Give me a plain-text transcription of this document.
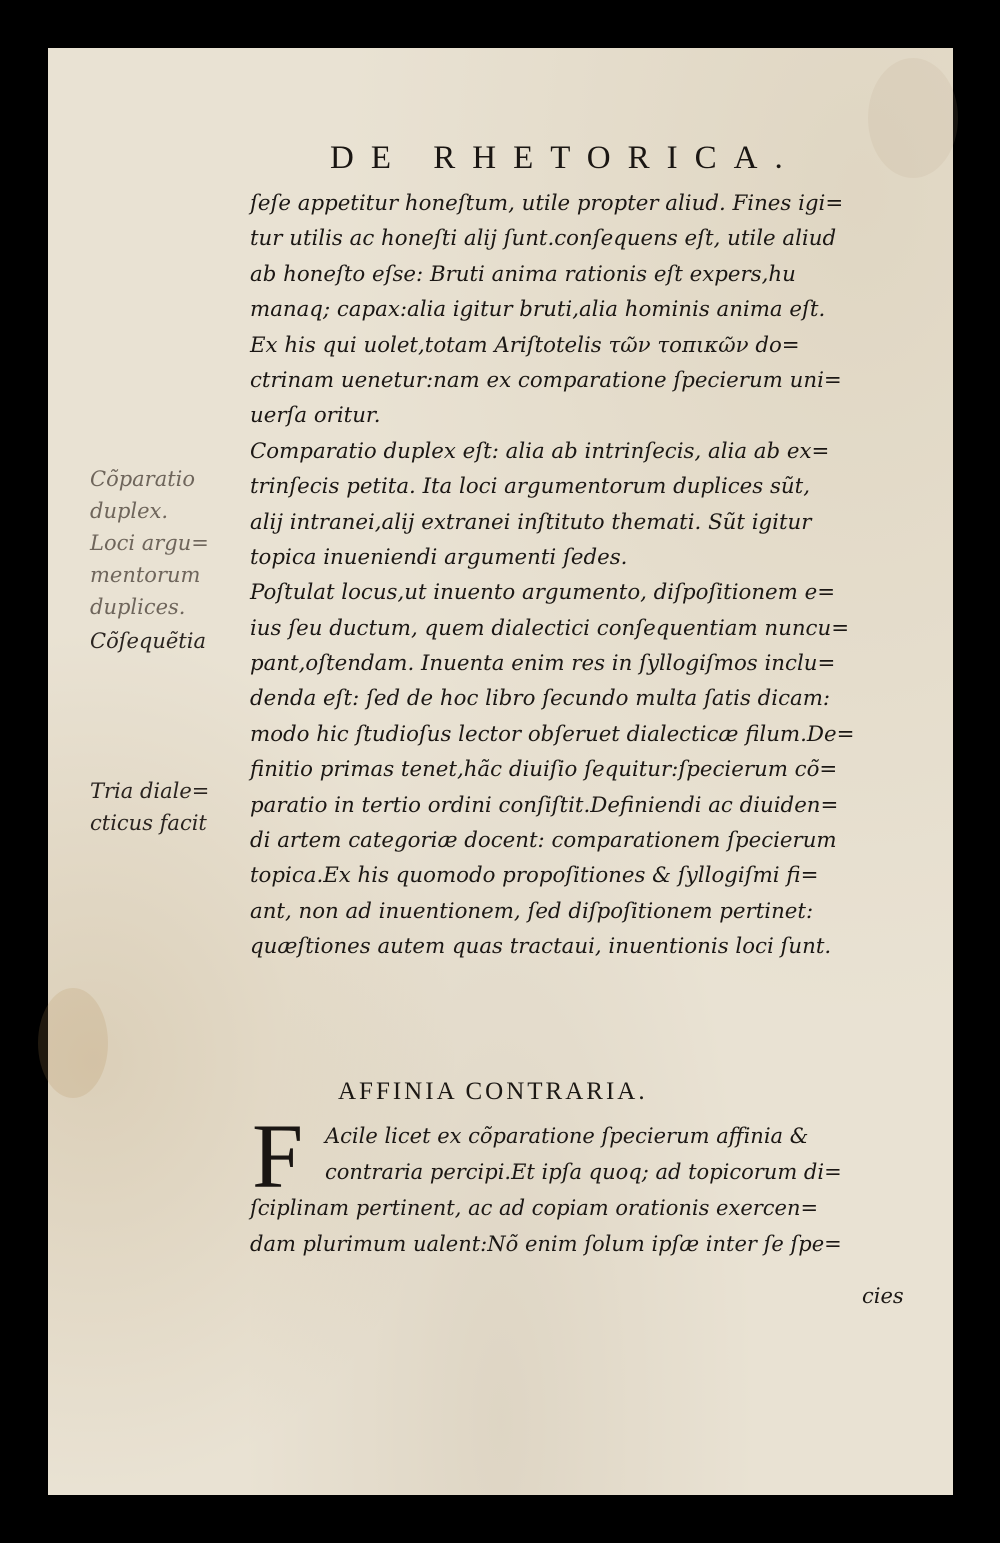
DE RHETORICA.
ſeſe appetitur honeſtum, utile propter aliud. Fines igi=
tur utilis ac honeſti alij ſunt.conſequens eſt, utile aliud
ab honeſto eſse: Bruti anima rationis eſt expers,hu
manaq; capax:alia igitur bruti,alia hominis anima eſt.
Ex his qui uolet,totam Ariſtotelis τῶν τοπικῶν do=
ctrinam uenetur:nam ex comparatione ſpecierum uni=
uerſa oritur.
Comparatio duplex eſt: alia ab intrinſecis, alia ab ex=
trinſecis petita. Ita loci argumentorum duplices sũt,
alij intranei,alij extranei inſtituto themati. Sũt igitur
topica inueniendi argumenti ſedes.
Poſtulat locus,ut inuento argumento, diſpoſitionem e=
ius ſeu ductum, quem dialectici conſequentiam nuncu=
pant,oſtendam. Inuenta enim res in ſyllogiſmos inclu=
denda eſt: ſed de hoc libro ſecundo multa ſatis dicam:
modo hic ſtudioſus lector obſeruet dialecticæ filum.De=
finitio primas tenet,hãc diuiſio ſequitur:ſpecierum cõ=
paratio in tertio ordini conſiſtit.Definiendi ac diuiden=
di artem categoriæ docent: comparationem ſpecierum
topica.Ex his quomodo propoſitiones & ſyllogiſmi fi=
ant, non ad inuentionem, ſed diſpoſitionem pertinet:
quæſtiones autem quas tractaui, inuentionis loci ſunt.
Cõparatio
duplex.
Loci argu=
mentorum
duplices.
Cõſequẽtia
Tria diale=
cticus facit
AFFINIA CONTRARIA.
F	Acile licet ex cõparatione ſpecierum affinia &
contraria percipi.Et ipſa quoq; ad topicorum di=
ſciplinam pertinent, ac ad copiam orationis exercen=
dam plurimum ualent:Nõ enim ſolum ipſæ inter ſe ſpe=
cies
